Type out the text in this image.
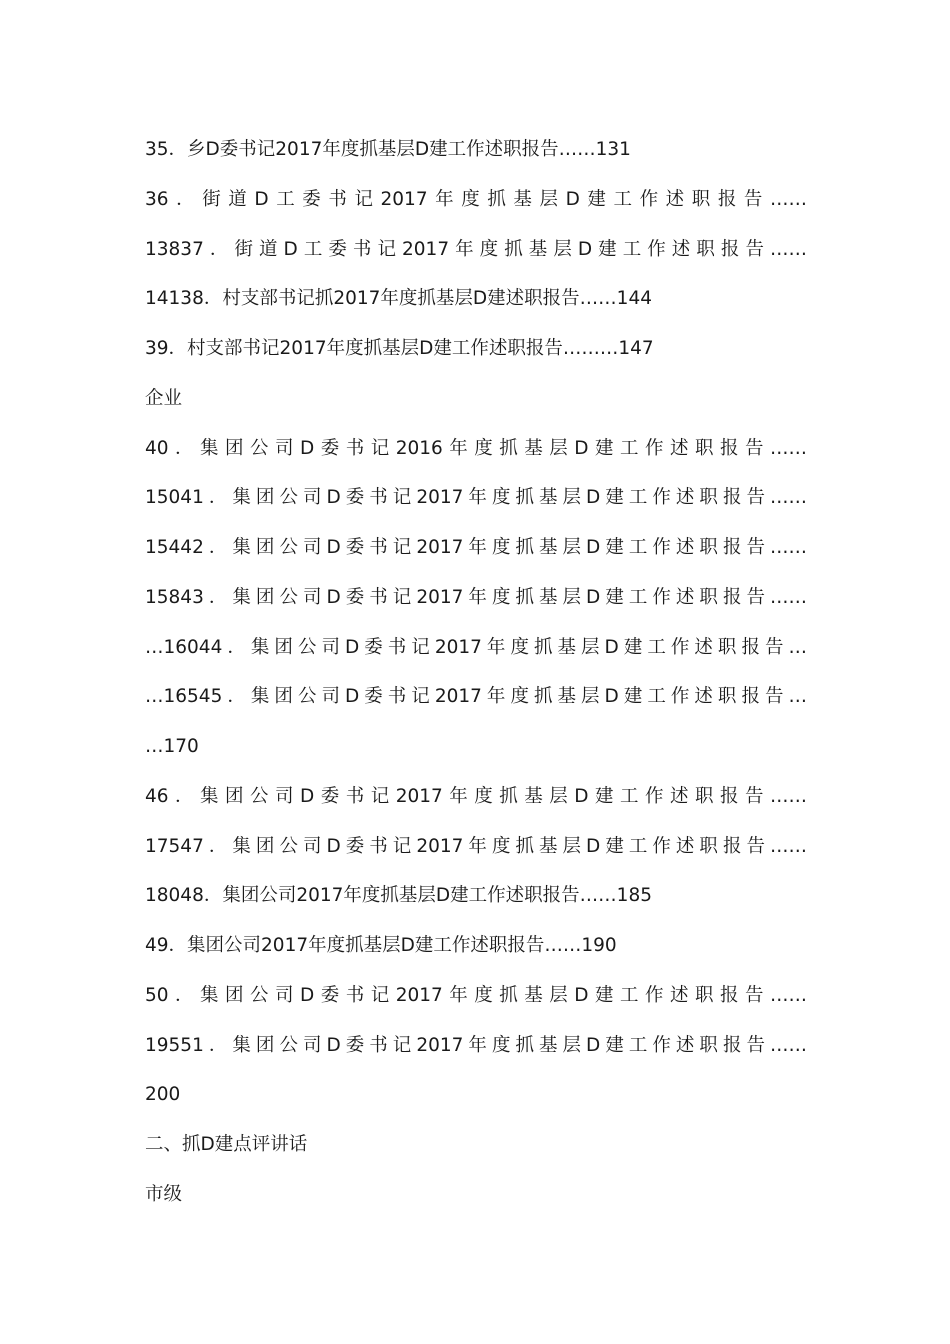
35．乡D委书记2017年度抓基层D建工作述职报告……131
36．街道D工委书记2017年度抓基层D建工作述职报告……
13837．街道D工委书记2017年度抓基层D建工作述职报告……
14138．村支部书记抓2017年度抓基层D建述职报告……144
39．村支部书记2017年度抓基层D建工作述职报告………147
企业
40．集团公司D委书记2016年度抓基层D建工作述职报告……
15041．集团公司D委书记2017年度抓基层D建工作述职报告……
15442．集团公司D委书记2017年度抓基层D建工作述职报告……
15843．集团公司D委书记2017年度抓基层D建工作述职报告……
…16044．集团公司D委书记2017年度抓基层D建工作述职报告…
…16545．集团公司D委书记2017年度抓基层D建工作述职报告…
…170
46．集团公司D委书记2017年度抓基层D建工作述职报告……
17547．集团公司D委书记2017年度抓基层D建工作述职报告……
18048．集团公司2017年度抓基层D建工作述职报告……185
49．集团公司2017年度抓基层D建工作述职报告……190
50．集团公司D委书记2017年度抓基层D建工作述职报告……
19551．集团公司D委书记2017年度抓基层D建工作述职报告……
200
二、抓D建点评讲话
市级
